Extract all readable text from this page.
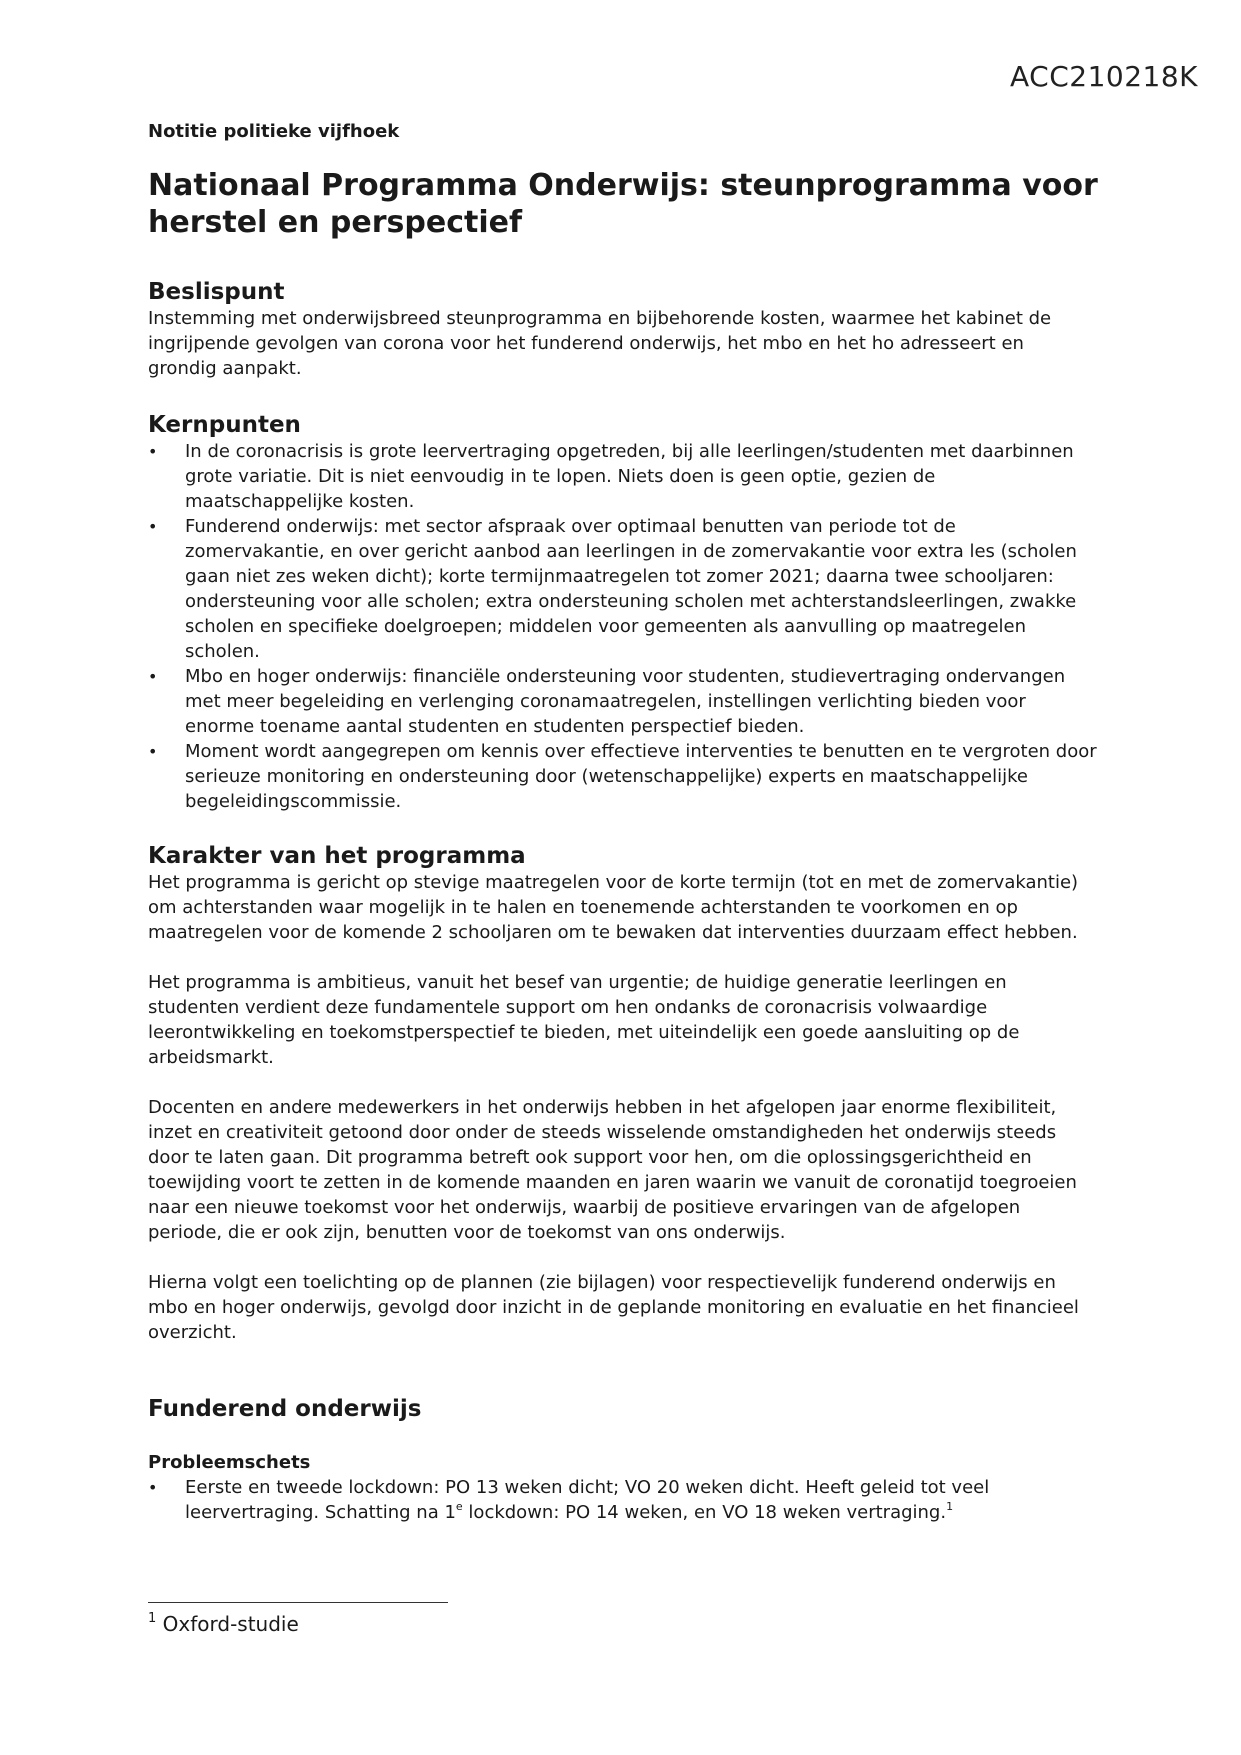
ACC210218K

Notitie politieke vijfhoek

Nationaal Programma Onderwijs: steunprogramma voor herstel en perspectief
Beslispunt

Instemming met onderwijsbreed steunprogramma en bijbehorende kosten, waarmee het kabinet de ingrijpende gevolgen van corona voor het funderend onderwijs, het mbo en het ho adresseert en grondig aanpakt.

Kernpunten
• In de coronacrisis is grote leervertraging opgetreden, bij alle leerlingen/studenten met daarbinnen grote variatie. Dit is niet eenvoudig in te lopen. Niets doen is geen optie, gezien de maatschappelijke kosten.
• Funderend onderwijs: met sector afspraak over optimaal benutten van periode tot de zomervakantie, en over gericht aanbod aan leerlingen in de zomervakantie voor extra les (scholen gaan niet zes weken dicht); korte termijnmaatregelen tot zomer 2021; daarna twee schooljaren: ondersteuning voor alle scholen; extra ondersteuning scholen met achterstandsleerlingen, zwakke scholen en specifieke doelgroepen; middelen voor gemeenten als aanvulling op maatregelen scholen.
• Mbo en hoger onderwijs: financiële ondersteuning voor studenten, studievertraging ondervangen met meer begeleiding en verlenging coronamaatregelen, instellingen verlichting bieden voor enorme toename aantal studenten en studenten perspectief bieden.
• Moment wordt aangegrepen om kennis over effectieve interventies te benutten en te vergroten door serieuze monitoring en ondersteuning door (wetenschappelijke) experts en maatschappelijke begeleidingscommissie.
Karakter van het programma

Het programma is gericht op stevige maatregelen voor de korte termijn (tot en met de zomervakantie) om achterstanden waar mogelijk in te halen en toenemende achterstanden te voorkomen en op maatregelen voor de komende 2 schooljaren om te bewaken dat interventies duurzaam effect hebben.

Het programma is ambitieus, vanuit het besef van urgentie; de huidige generatie leerlingen en studenten verdient deze fundamentele support om hen ondanks de coronacrisis volwaardige leerontwikkeling en toekomstperspectief te bieden, met uiteindelijk een goede aansluiting op de arbeidsmarkt.

Docenten en andere medewerkers in het onderwijs hebben in het afgelopen jaar enorme flexibiliteit, inzet en creativiteit getoond door onder de steeds wisselende omstandigheden het onderwijs steeds door te laten gaan. Dit programma betreft ook support voor hen, om die oplossingsgerichtheid en toewijding voort te zetten in de komende maanden en jaren waarin we vanuit de coronatijd toegroeien naar een nieuwe toekomst voor het onderwijs, waarbij de positieve ervaringen van de afgelopen periode, die er ook zijn, benutten voor de toekomst van ons onderwijs.

Hierna volgt een toelichting op de plannen (zie bijlagen) voor respectievelijk funderend onderwijs en mbo en hoger onderwijs, gevolgd door inzicht in de geplande monitoring en evaluatie en het financieel overzicht.

Funderend onderwijs
Probleemschets
• Eerste en tweede lockdown: PO 13 weken dicht; VO 20 weken dicht. Heeft geleid tot veel
leervertraging. Schatting na 1e lockdown: PO 14 weken, en VO 18 weken vertraging.$^1$
$^1$ Oxford-studie
